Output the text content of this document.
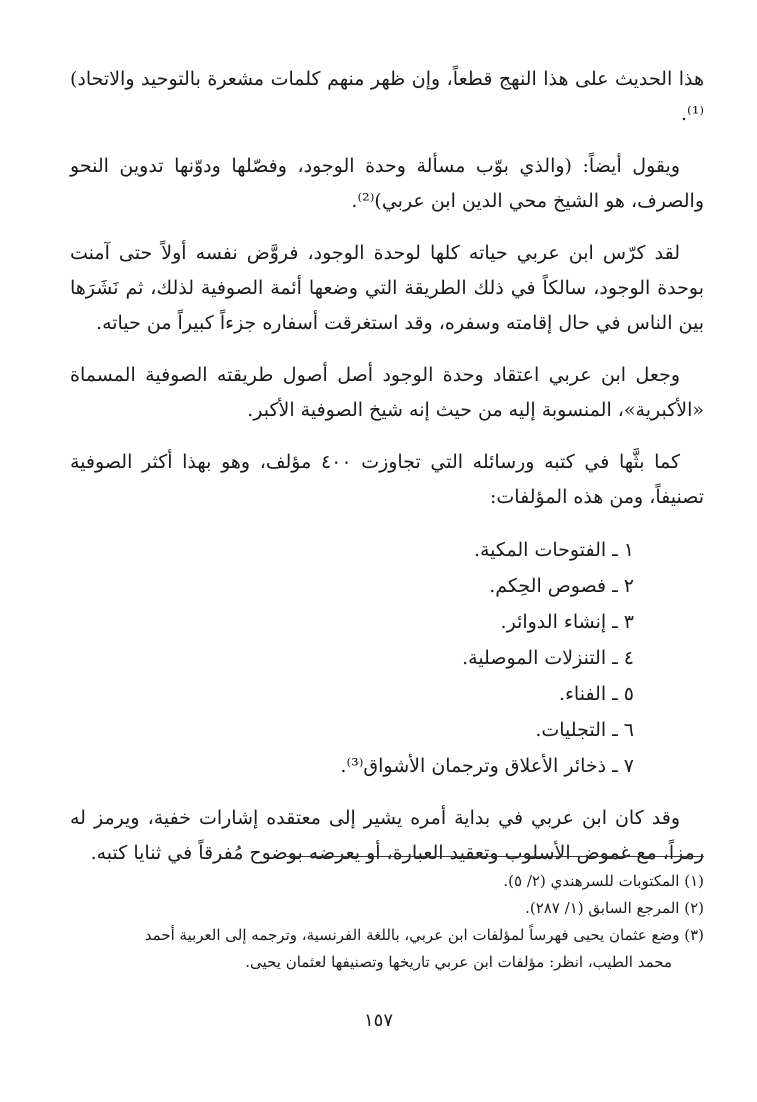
هذا الحديث على هذا النهج قطعاً، وإن ظهر منهم كلمات مشعرة بالتوحيد والاتحاد)⁽¹⁾.

ويقول أيضاً: (والذي بوّب مسألة وحدة الوجود، وفصّلها ودوّنها تدوين النحو والصرف، هو الشيخ محي الدين ابن عربي)⁽²⁾.

لقد كرّس ابن عربي حياته كلها لوحدة الوجود، فروَّض نفسه أولاً حتى آمنت بوحدة الوجود، سالكاً في ذلك الطريقة التي وضعها أئمة الصوفية لذلك، ثم نَشَرَها بين الناس في حال إقامته وسفره، وقد استغرقت أسفاره جزءاً كبيراً من حياته.

وجعل ابن عربي اعتقاد وحدة الوجود أصل أصول طريقته الصوفية المسماة «الأكبرية»، المنسوبة إليه من حيث إنه شيخ الصوفية الأكبر.

كما بثَّها في كتبه ورسائله التي تجاوزت ٤٠٠ مؤلف، وهو بهذا أكثر الصوفية تصنيفاً، ومن هذه المؤلفات:

١ ـ الفتوحات المكية.
٢ ـ فصوص الحِكم.
٣ ـ إنشاء الدوائر.
٤ ـ التنزلات الموصلية.
٥ ـ الفناء.
٦ ـ التجليات.
٧ ـ ذخائر الأعلاق وترجمان الأشواق⁽³⁾.

وقد كان ابن عربي في بداية أمره يشير إلى معتقده إشارات خفية، ويرمز له رمزاً، مع غموض الأسلوب وتعقيد العبارة، أو يعرضه بوضوح مُفرقاً في ثنايا كتبه.

(١) المكتوبات للسرهندي (٢/ ٥).

(٢) المرجع السابق (١/ ٢٨٧).

(٣) وضع عثمان يحيى فهرساً لمؤلفات ابن عربي، باللغة الفرنسية، وترجمه إلى العربية أحمد

محمد الطيب، انظر: مؤلفات ابن عربي تاريخها وتصنيفها لعثمان يحيى.

١٥٧
